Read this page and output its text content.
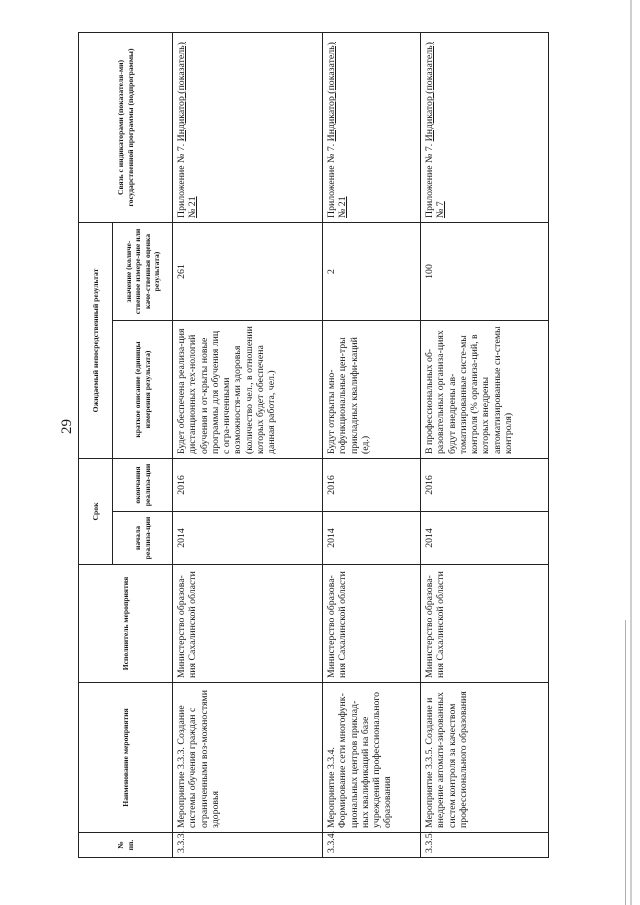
29
№ пп.	Наименование мероприятия	Исполнитель мероприятия	Срок		Ожидаемый непосредственный результат		Связь с индикаторами (показателя-ми) государственной программы (подпрограммы)
			начала реализа-ции	окончания реализа-ции	краткое описание (единицы измерения результата)	значение (количе-ственное измере-ние или каче-ственная оценка результата)	
3.3.3.	Мероприятие 3.3.3. Создание системы обучения граждан с ограниченными воз-можностями здоровья	Министерство образова-ния Сахалинской области	2014	2016	Будет обеспечена реализа-ция дистанционных тех-нологий обучения и от-крыты новые программы для обучения лиц с огра-ниченными возможностя-ми здоровья (количество чел., в отношении которых будет обеспечена данная работа, чел.)	261	Приложение № 7. Индикатор (показатель) № 21
3.3.4.	Мероприятие 3.3.4. Формирование сети многофунк-циональных центров приклад-ных квалификаций на базе учреждений профессионального образования	Министерство образова-ния Сахалинской области	2014	2016	Будут открыты мно-гофункциональные цен-тры прикладных квалифи-каций (ед.)	2	Приложение № 7. Индикатор (показатель) № 21
3.3.5.	Мероприятие 3.3.5. Создание и внедрение автомати-зированных систем контроля за качеством профессионального образования	Министерство образова-ния Сахалинской области	2014	2016	В профессиональных об-разовательных организа-циях будут внедрены ав-томатизированные систе-мы контроля (% организа-ций, в которых внедрены автоматизированные си-стемы контроля)	100	Приложение № 7. Индикатор (показатель) № 7
